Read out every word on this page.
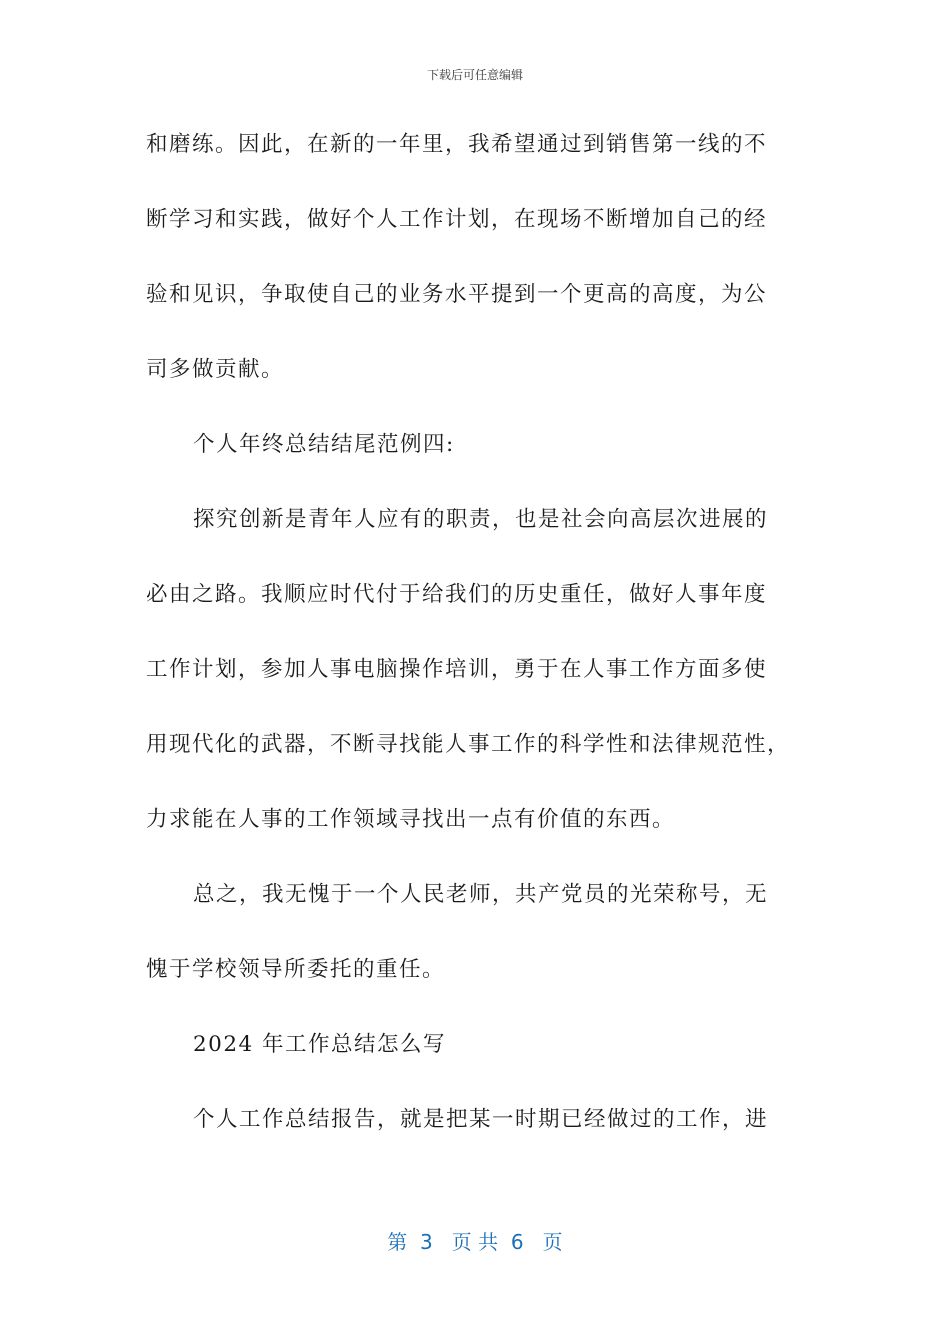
下载后可任意编辑
和磨练。因此，在新的一年里，我希望通过到销售第一线的不
断学习和实践，做好个人工作计划，在现场不断增加自己的经
验和见识，争取使自己的业务水平提到一个更高的高度，为公
司多做贡献。
个人年终总结结尾范例四:
探究创新是青年人应有的职责，也是社会向高层次进展的
必由之路。我顺应时代付于给我们的历史重任，做好人事年度
工作计划，参加人事电脑操作培训，勇于在人事工作方面多使
用现代化的武器，不断寻找能人事工作的科学性和法律规范性，
力求能在人事的工作领域寻找出一点有价值的东西。
总之，我无愧于一个人民老师，共产党员的光荣称号，无
愧于学校领导所委托的重任。
2024 年工作总结怎么写
个人工作总结报告，就是把某一时期已经做过的工作，进
第  3   页 共  6   页
